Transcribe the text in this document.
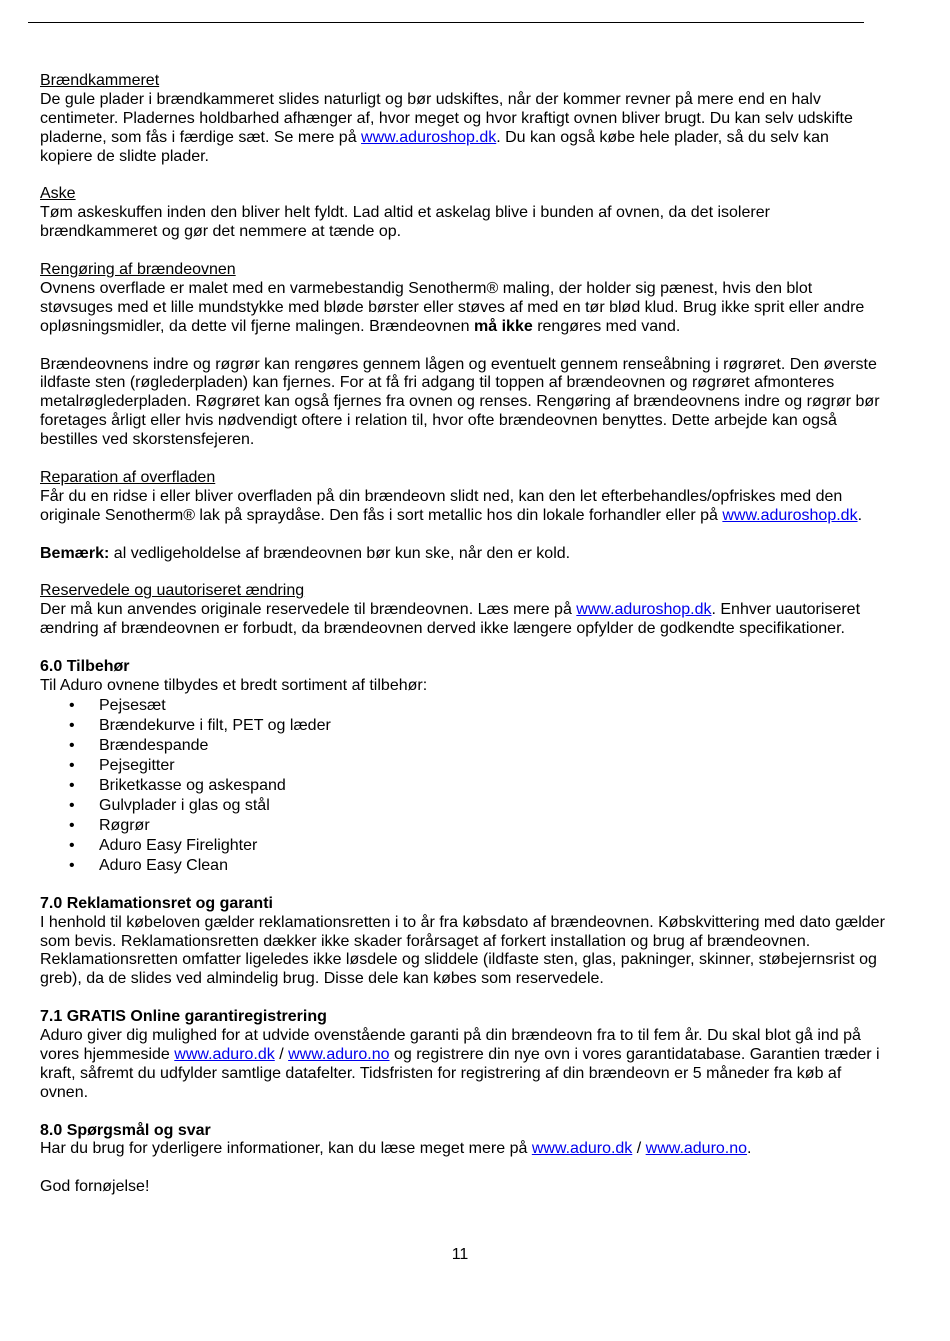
Brændkammeret

De gule plader i brændkammeret slides naturligt og bør udskiftes, når der kommer revner på mere end en halv centimeter. Pladernes holdbarhed afhænger af, hvor meget og hvor kraftigt ovnen bliver brugt. Du kan selv udskifte pladerne, som fås i færdige sæt. Se mere på www.aduroshop.dk. Du kan også købe hele plader, så du selv kan kopiere de slidte plader.

Aske

Tøm askeskuffen inden den bliver helt fyldt. Lad altid et askelag blive i bunden af ovnen, da det isolerer brændkammeret og gør det nemmere at tænde op.

Rengøring af brændeovnen

Ovnens overflade er malet med en varmebestandig Senotherm® maling, der holder sig pænest, hvis den blot støvsuges med et lille mundstykke med bløde børster eller støves af med en tør blød klud. Brug ikke sprit eller andre opløsningsmidler, da dette vil fjerne malingen. Brændeovnen må ikke rengøres med vand.

Brændeovnens indre og røgrør kan rengøres gennem lågen og eventuelt gennem renseåbning i røgrøret. Den øverste ildfaste sten (røglederpladen) kan fjernes. For at få fri adgang til toppen af brændeovnen og røgrøret afmonteres metalrøglederpladen. Røgrøret kan også fjernes fra ovnen og renses. Rengøring af brændeovnens indre og røgrør bør foretages årligt eller hvis nødvendigt oftere i relation til, hvor ofte brændeovnen benyttes. Dette arbejde kan også bestilles ved skorstensfejeren.

Reparation af overfladen

Får du en ridse i eller bliver overfladen på din brændeovn slidt ned, kan den let efterbehandles/opfriskes med den originale Senotherm® lak på spraydåse. Den fås i sort metallic hos din lokale forhandler eller på www.aduroshop.dk.

Bemærk: al vedligeholdelse af brændeovnen bør kun ske, når den er kold.

Reservedele og uautoriseret ændring

Der må kun anvendes originale reservedele til brændeovnen. Læs mere på www.aduroshop.dk. Enhver uautoriseret ændring af brændeovnen er forbudt, da brændeovnen derved ikke længere opfylder de godkendte specifikationer.

6.0 Tilbehør

Til Aduro ovnene tilbydes et bredt sortiment af tilbehør:

• Pejsesæt
• Brændekurve i filt, PET og læder
• Brændespande
• Pejsegitter
• Briketkasse og askespand
• Gulvplader i glas og stål
• Røgrør
• Aduro Easy Firelighter
• Aduro Easy Clean
7.0 Reklamationsret og garanti

I henhold til købeloven gælder reklamationsretten i to år fra købsdato af brændeovnen. Købskvittering med dato gælder som bevis. Reklamationsretten dækker ikke skader forårsaget af forkert installation og brug af brændeovnen. Reklamationsretten omfatter ligeledes ikke løsdele og sliddele (ildfaste sten, glas, pakninger, skinner, støbejernsrist og greb), da de slides ved almindelig brug. Disse dele kan købes som reservedele.

7.1 GRATIS Online garantiregistrering

Aduro giver dig mulighed for at udvide ovenstående garanti på din brændeovn fra to til fem år. Du skal blot gå ind på vores hjemmeside www.aduro.dk / www.aduro.no og registrere din nye ovn i vores garantidatabase. Garantien træder i kraft, såfremt du udfylder samtlige datafelter. Tidsfristen for registrering af din brændeovn er 5 måneder fra køb af ovnen.

8.0 Spørgsmål og svar

Har du brug for yderligere informationer, kan du læse meget mere på www.aduro.dk / www.aduro.no.

God fornøjelse!

11
